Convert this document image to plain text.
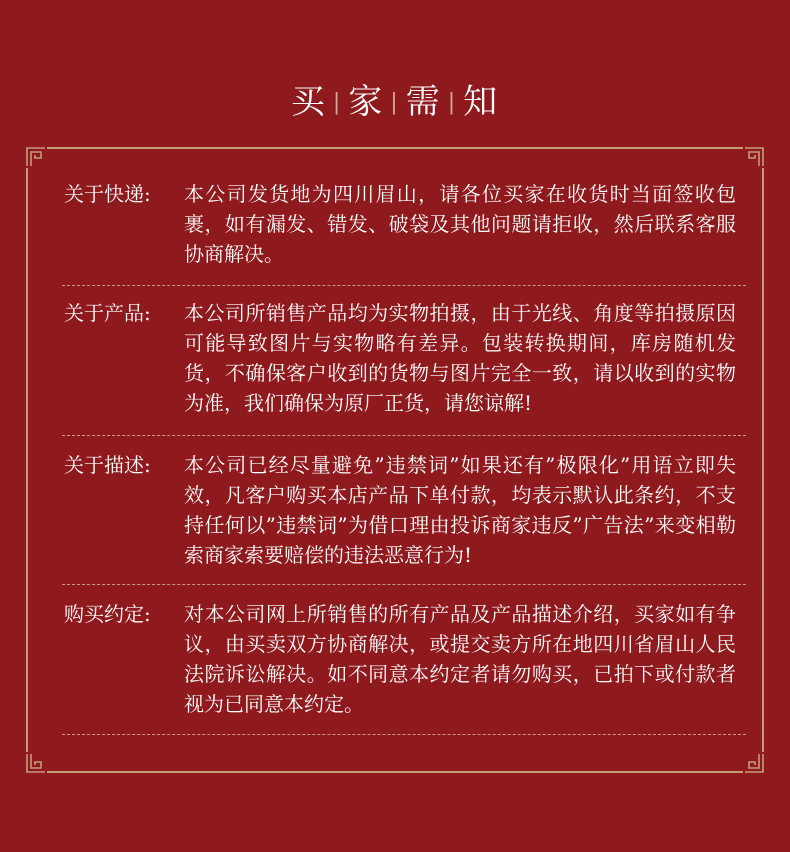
买 | 家 | 需 | 知
关于快递: 本公司发货地为四川眉山，请各位买家在收货时当面签收包裹，如有漏发、错发、破袋及其他问题请拒收，然后联系客服协商解决。
关于产品: 本公司所销售产品均为实物拍摄，由于光线、角度等拍摄原因可能导致图片与实物略有差异。包装转换期间，库房随机发货，不确保客户收到的货物与图片完全一致，请以收到的实物为准，我们确保为原厂正货，请您谅解!
关于描述: 本公司已经尽量避免”违禁词”如果还有”极限化”用语立即失效，凡客户购买本店产品下单付款，均表示默认此条约，不支持任何以”违禁词”为借口理由投诉商家违反”广告法”来变相勒索商家索要赔偿的违法恶意行为!
购买约定: 对本公司网上所销售的所有产品及产品描述介绍，买家如有争议，由买卖双方协商解决，或提交卖方所在地四川省眉山人民法院诉讼解决。如不同意本约定者请勿购买，已拍下或付款者视为已同意本约定。
